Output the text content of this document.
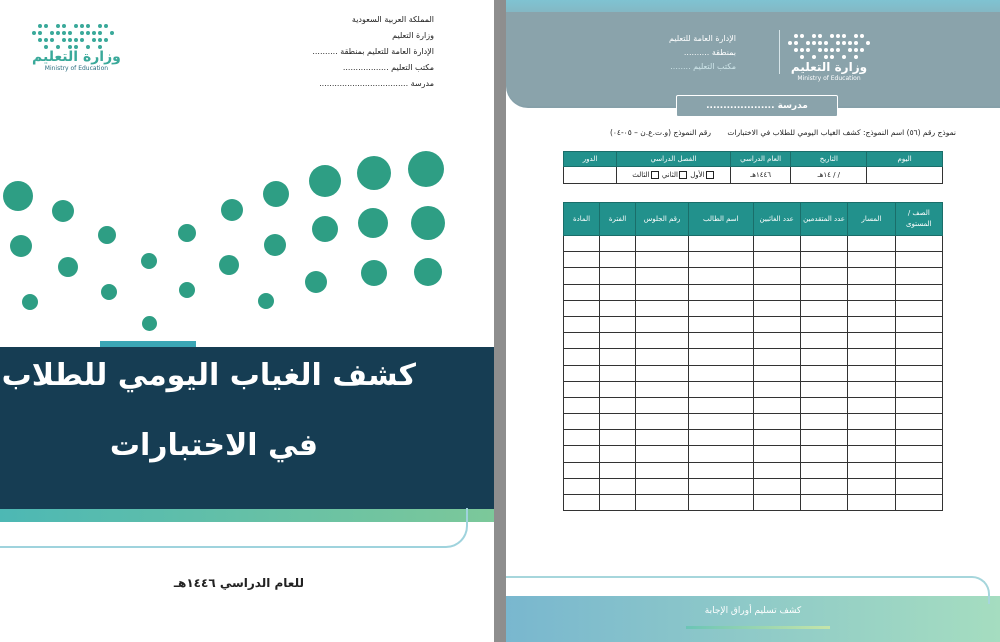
وزارة التعليم
Ministry of Education
المملكة العربية السعودية
وزارة التعليم
الإدارة العامة للتعليم بمنطقة ..........
مكتب التعليم ..................
مدرسة ...................................
كشف الغياب اليومي للطلاب
في الاختبارات
للعام الدراسي ١٤٤٦هـ
الإدارة العامة للتعليم
بمنطقة ..........
مكتب التعليم ........	وزارة التعليم
Ministry of Education
مدرسة ....................
نموذج رقم (٥٦) اسم النموذج: كشف الغياب اليومي للطلاب في الاختبارات رقم النموذج (و.ت.ع.ن – ٠٥-٠٤)
اليوم	التاريخ	العام الدراسي	الفصل الدراسي	الدور
	/ / ١٤هـ	١٤٤٦هـ	الأول الثاني الثالث	
الصف / المستوى	المسار	عدد المتقدمين	عدد الغائبين	اسم الطالب	رقم الجلوس	الفترة	المادة

كشف تسليم أوراق الإجابة
